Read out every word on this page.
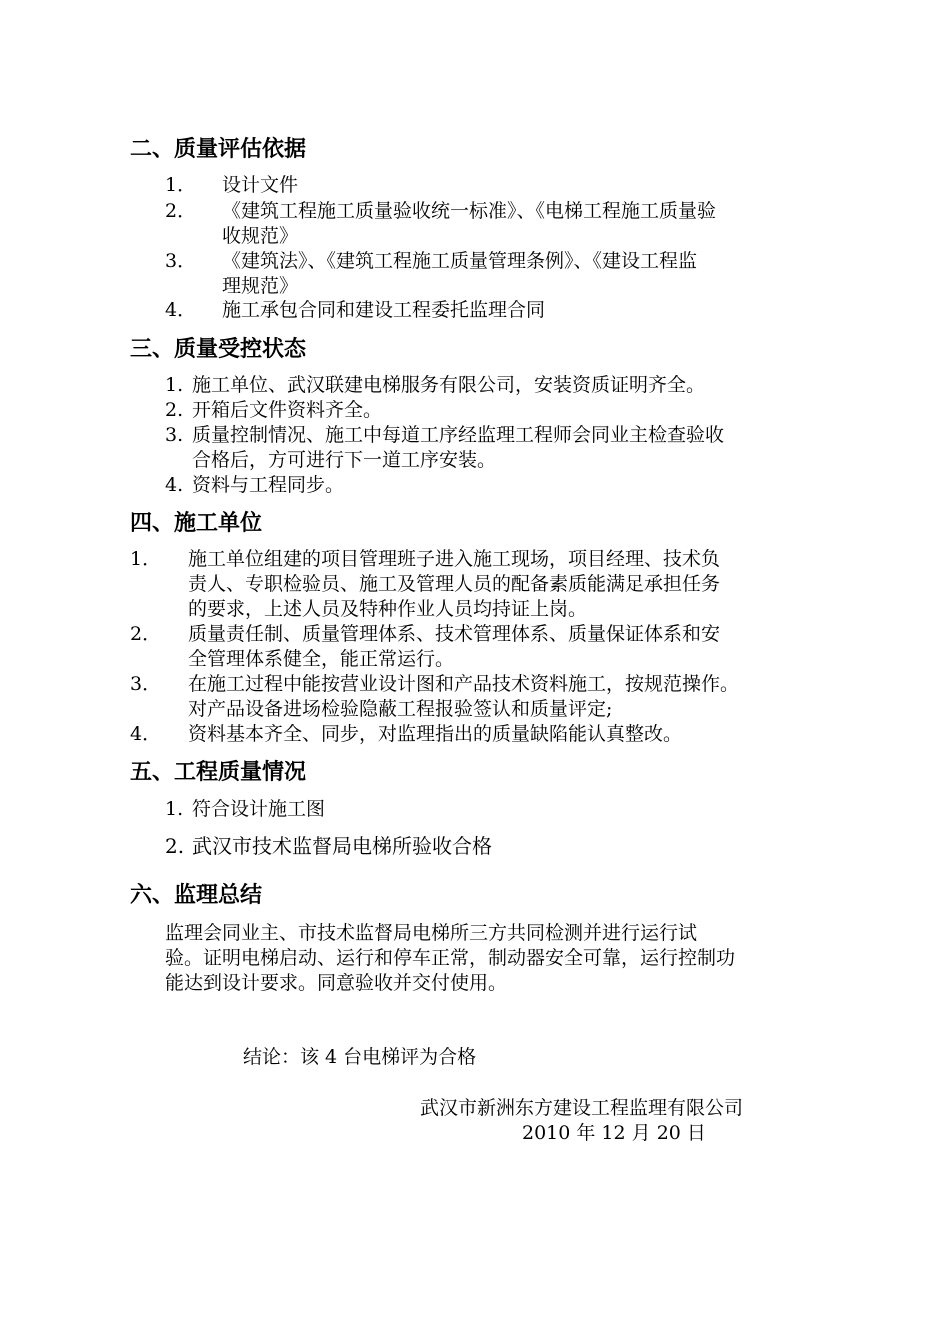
二、质量评估依据
1． 设计文件
2． 《建筑工程施工质量验收统一标准》、《电梯工程施工质量验
收规范》
3． 《建筑法》、《建筑工程施工质量管理条例》、《建设工程监
理规范》
4． 施工承包合同和建设工程委托监理合同
三、质量受控状态
1. 施工单位、武汉联建电梯服务有限公司，安装资质证明齐全。
2. 开箱后文件资料齐全。
3. 质量控制情况、施工中每道工序经监理工程师会同业主检查验收
合格后，方可进行下一道工序安装。
4. 资料与工程同步。
四、施工单位
1． 施工单位组建的项目管理班子进入施工现场，项目经理、技术负
责人、专职检验员、施工及管理人员的配备素质能满足承担任务
的要求，上述人员及特种作业人员均持证上岗。
2． 质量责任制、质量管理体系、技术管理体系、质量保证体系和安
全管理体系健全，能正常运行。
3． 在施工过程中能按营业设计图和产品技术资料施工，按规范操作。
对产品设备进场检验隐蔽工程报验签认和质量评定;
4． 资料基本齐全、同步，对监理指出的质量缺陷能认真整改。
五、工程质量情况
1. 符合设计施工图
2. 武汉市技术监督局电梯所验收合格
六、监理总结
监理会同业主、市技术监督局电梯所三方共同检测并进行运行试
验。证明电梯启动、运行和停车正常，制动器安全可靠，运行控制功
能达到设计要求。同意验收并交付使用。
结论：该 4 台电梯评为合格
武汉市新洲东方建设工程监理有限公司
2010 年 12 月 20 日
